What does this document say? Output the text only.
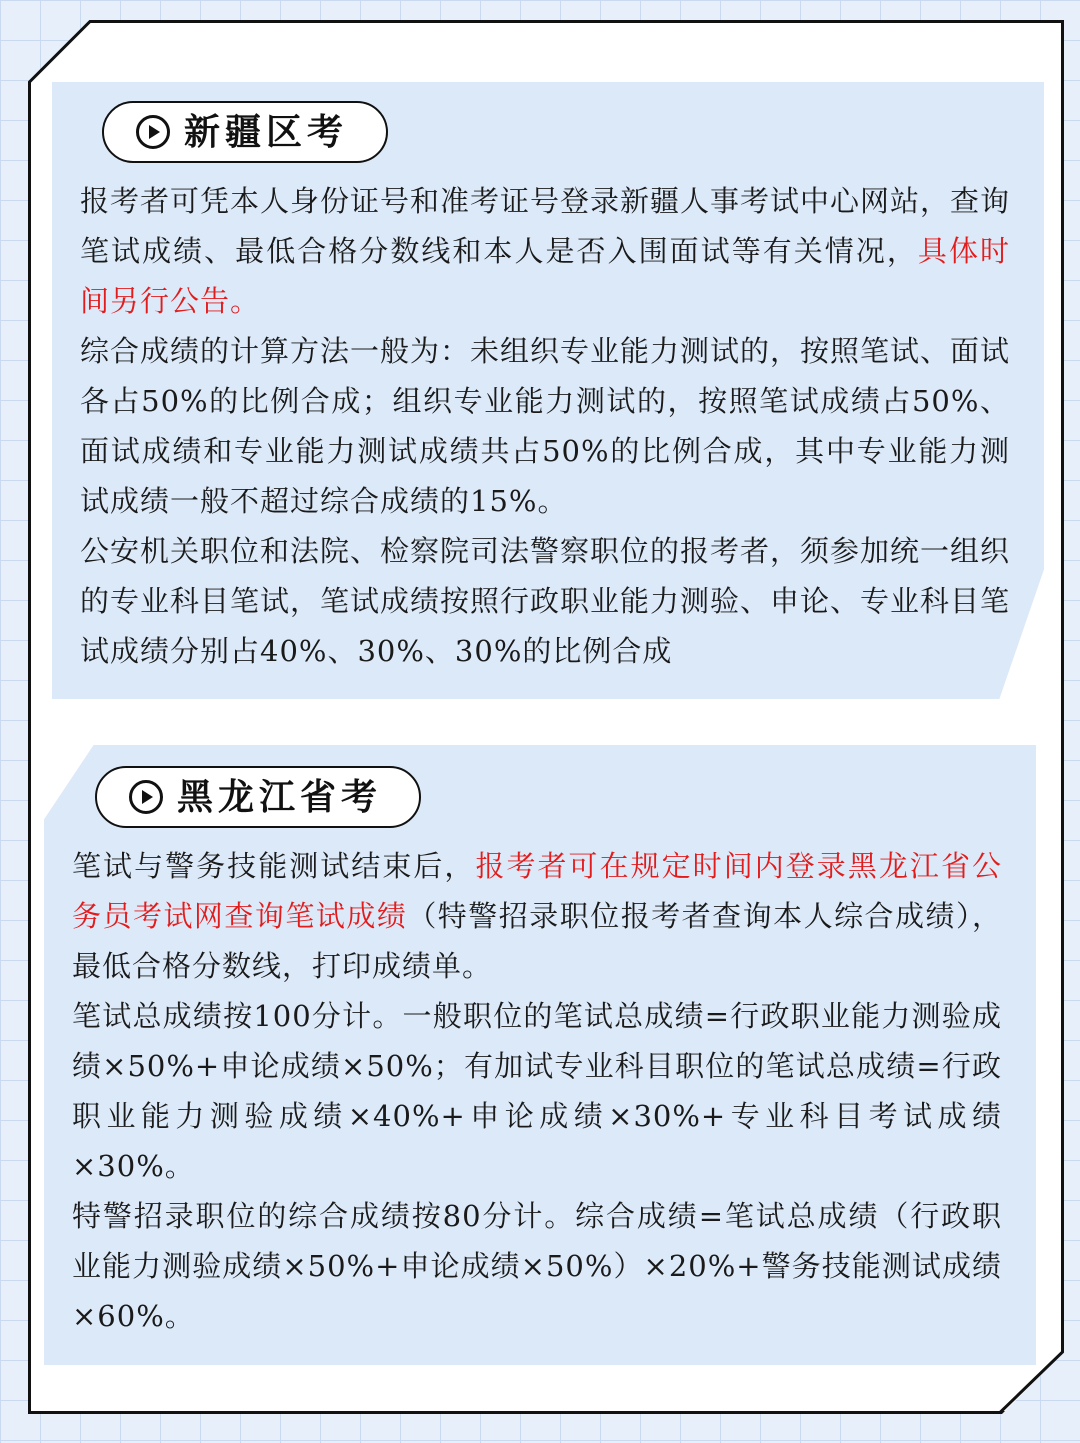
新疆区考

报考者可凭本人身份证号和准考证号登录新疆人事考试中心网站，查询笔试成绩、最低合格分数线和本人是否入围面试等有关情况，具体时间另行公告。

综合成绩的计算方法一般为：未组织专业能力测试的，按照笔试、面试各占50%的比例合成；组织专业能力测试的，按照笔试成绩占50%、面试成绩和专业能力测试成绩共占50%的比例合成，其中专业能力测试成绩一般不超过综合成绩的15%。

公安机关职位和法院、检察院司法警察职位的报考者，须参加统一组织的专业科目笔试，笔试成绩按照行政职业能力测验、申论、专业科目笔试成绩分别占40%、30%、30%的比例合成

黑龙江省考

笔试与警务技能测试结束后，报考者可在规定时间内登录黑龙江省公务员考试网查询笔试成绩（特警招录职位报考者查询本人综合成绩），最低合格分数线，打印成绩单。

笔试总成绩按100分计。一般职位的笔试总成绩=行政职业能力测验成绩×50%+申论成绩×50%；有加试专业科目职位的笔试总成绩=行政职业能力测验成绩×40%+申论成绩×30%+专业科目考试成绩×30%。

特警招录职位的综合成绩按80分计。综合成绩=笔试总成绩（行政职业能力测验成绩×50%+申论成绩×50%）×20%+警务技能测试成绩×60%。
